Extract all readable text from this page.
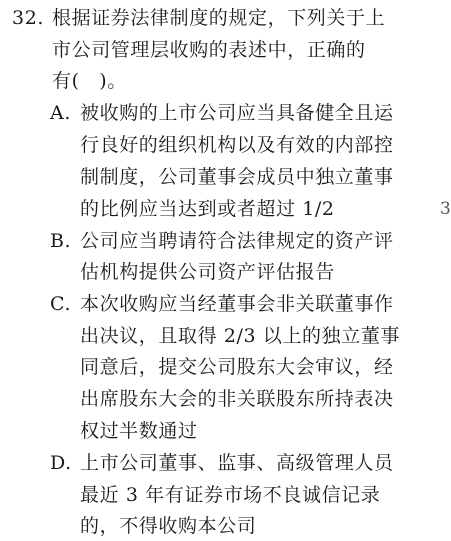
32. 根据证券法律制度的规定，下列关于上
市公司管理层收购的表述中，正确的
有(　)。
A. 被收购的上市公司应当具备健全且运
行良好的组织机构以及有效的内部控
制制度，公司董事会成员中独立董事
的比例应当达到或者超过 1/2
B. 公司应当聘请符合法律规定的资产评
估机构提供公司资产评估报告
C. 本次收购应当经董事会非关联董事作
出决议，且取得 2/3 以上的独立董事
同意后，提交公司股东大会审议，经
出席股东大会的非关联股东所持表决
权过半数通过
D. 上市公司董事、监事、高级管理人员
最近 3 年有证券市场不良诚信记录
的，不得收购本公司
3
